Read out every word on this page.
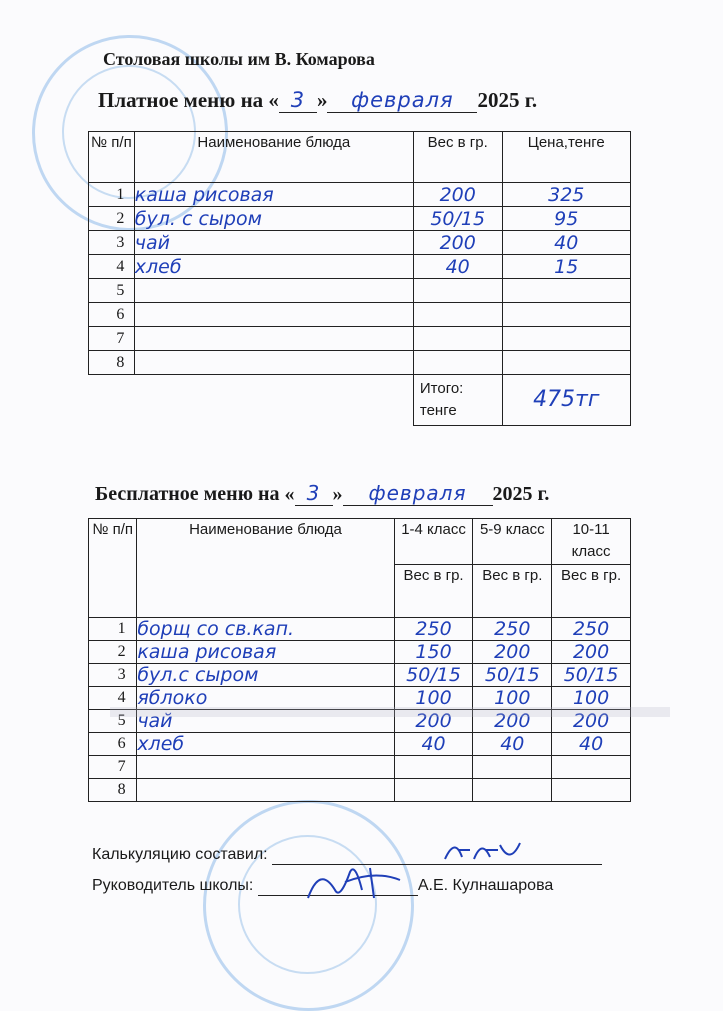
Столовая школы им В. Комарова
Платное меню на « 3 » февраля 2025 г.
№ п/п	Наименование блюда	Вес в гр.	Цена,тенге
1	каша рисовая	200	325
2	бул. с сыром	50/15	95
3	чай	200	40
4	хлеб	40	15
5			
6			
7			
8			
		Итого: тенге	475тг
Бесплатное меню на « 3 » февраля 2025 г.
№ п/п	Наименование блюда	1-4 класс	5-9 класс	10-11 класс
		Вес в гр.	Вес в гр.	Вес в гр.
1	борщ со св.кап.	250	250	250
2	каша рисовая	150	200	200
3	бул.с сыром	50/15	50/15	50/15
4	яблоко	100	100	100
5	чай	200	200	200
6	хлеб	40	40	40
7				
8				
Калькуляцию составил:
Руководитель школы:	А.Е. Кулнашарова
